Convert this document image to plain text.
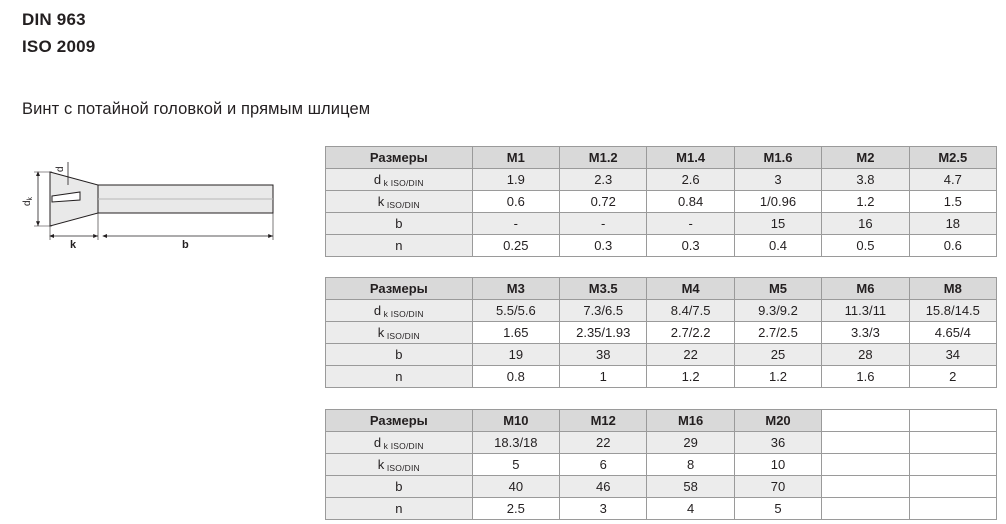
DIN 963
ISO 2009
Винт с потайной головкой и прямым шлицем
$d_k$
d
k	b
Размеры	M1	M1.2	M1.4	M1.6	M2	M2.5
d k ISO/DIN	1.9	2.3	2.6	3	3.8	4.7
k ISO/DIN	0.6	0.72	0.84	1/0.96	1.2	1.5
b	-	-	-	15	16	18
n	0.25	0.3	0.3	0.4	0.5	0.6
Размеры	M3	M3.5	M4	M5	M6	M8
d k ISO/DIN	5.5/5.6	7.3/6.5	8.4/7.5	9.3/9.2	11.3/11	15.8/14.5
k ISO/DIN	1.65	2.35/1.93	2.7/2.2	2.7/2.5	3.3/3	4.65/4
b	19	38	22	25	28	34
n	0.8	1	1.2	1.2	1.6	2
Размеры	M10	M12	M16	M20		
d k ISO/DIN	18.3/18	22	29	36		
k ISO/DIN	5	6	8	10		
b	40	46	58	70		
n	2.5	3	4	5		
